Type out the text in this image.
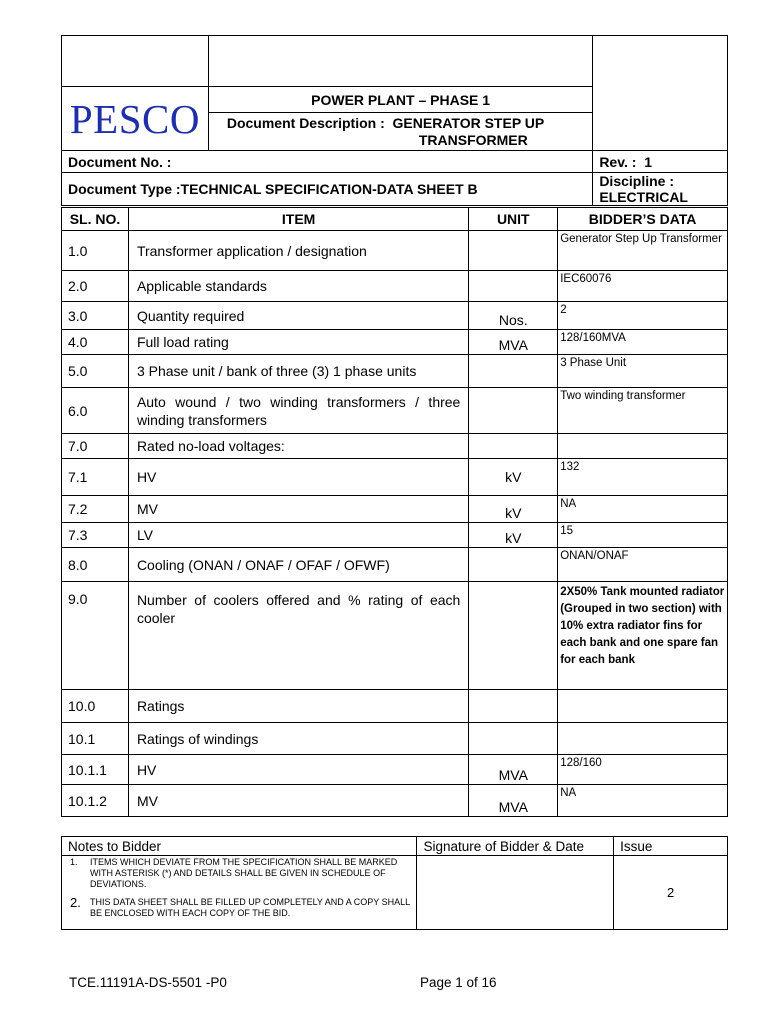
PESCO	POWER PLANT – PHASE 1	
	Document Description : GENERATOR STEP UP
TRANSFORMER	

Document No. :		Rev. : 1
Document Type :TECHNICAL SPECIFICATION-DATA SHEET B		Discipline : ELECTRICAL
SL. NO.	ITEM	UNIT	BIDDER’S DATA
1.0	Transformer application / designation		Generator Step Up Transformer
2.0	Applicable standards		IEC60076
3.0	Quantity required	Nos.	2
4.0	Full load rating	MVA	128/160MVA
5.0	3 Phase unit / bank of three (3) 1 phase units		3 Phase Unit
6.0	Auto wound / two winding transformers / three winding transformers		Two winding transformer
7.0	Rated no-load voltages:		
7.1	HV	kV	132
7.2	MV	kV	NA
7.3	LV	kV	15
8.0	Cooling (ONAN / ONAF / OFAF / OFWF)		ONAN/ONAF
9.0	Number of coolers offered and % rating of each cooler		2X50% Tank mounted radiator (Grouped in two section) with 10% extra radiator fins for each bank and one spare fan for each bank
10.0	Ratings		
10.1	Ratings of windings		
10.1.1	HV	MVA	128/160
10.1.2	MV	MVA	NA
Notes to Bidder	Signature of Bidder & Date	Issue

1. ITEMS WHICH DEVIATE FROM THE SPECIFICATION SHALL BE MARKED WITH ASTERISK (*) AND DETAILS SHALL BE GIVEN IN SCHEDULE OF DEVIATIONS.
2. THIS DATA SHEET SHALL BE FILLED UP COMPLETELY AND A COPY SHALL BE ENCLOSED WITH EACH COPY OF THE BID.		2
TCE.11191A-DS-5501 -P0	Page 1 of 16
